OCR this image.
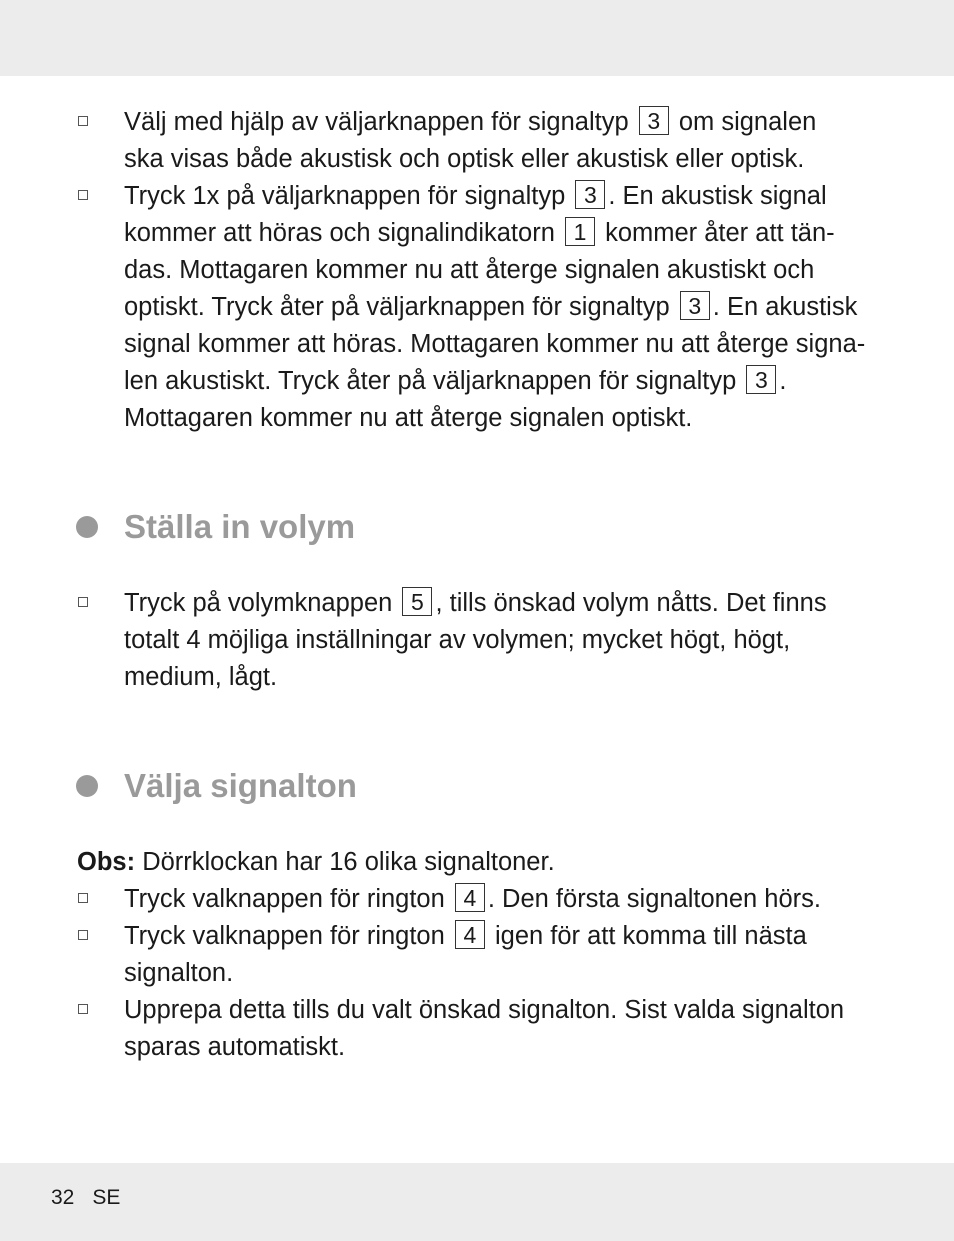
Välj med hjälp av väljarknappen för signaltyp 3 om signalen
ska visas både akustisk och optisk eller akustisk eller optisk.
Tryck 1x på väljarknappen för signaltyp 3 . En akustisk signal
kommer att höras och signalindikatorn 1 kommer åter att tän-
das. Mottagaren kommer nu att återge signalen akustiskt och
optiskt. Tryck åter på väljarknappen för signaltyp 3 . En akustisk
signal kommer att höras. Mottagaren kommer nu att återge signa-
len akustiskt. Tryck åter på väljarknappen för signaltyp 3 .
Mottagaren kommer nu att återge signalen optiskt.
Ställa in volym
Tryck på volymknappen 5 , tills önskad volym nåtts. Det finns
totalt 4 möjliga inställningar av volymen; mycket högt, högt,
medium, lågt.
Välja signalton
Obs: Dörrklockan har 16 olika signaltoner.
Tryck valknappen för rington 4 . Den första signaltonen hörs.
Tryck valknappen för rington 4 igen för att komma till nästa
signalton.
Upprepa detta tills du valt önskad signalton. Sist valda signalton
sparas automatiskt.
32 SE
